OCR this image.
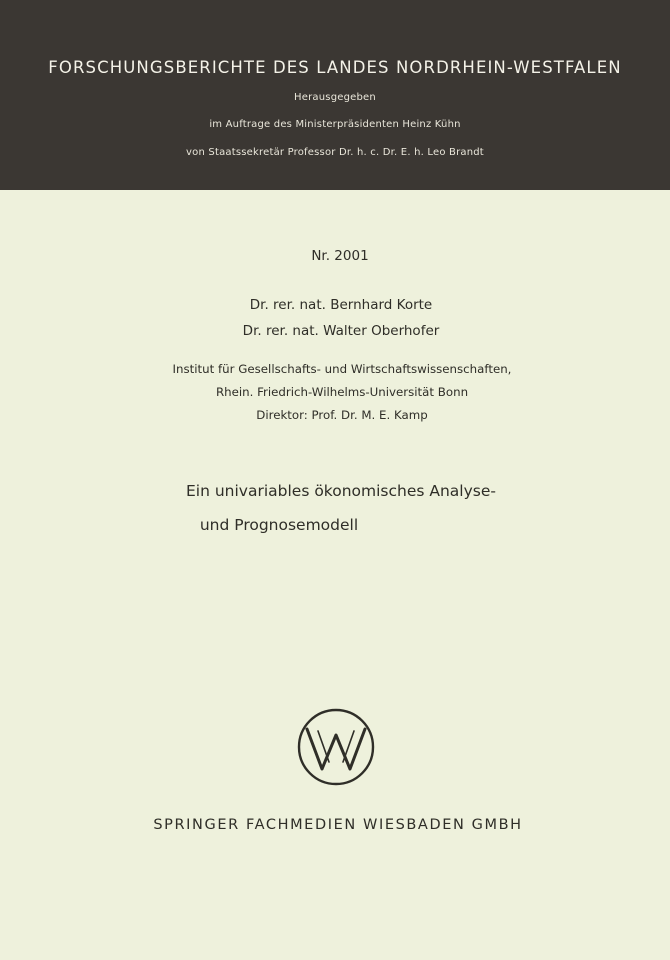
FORSCHUNGSBERICHTE DES LANDES NORDRHEIN-WESTFALEN
Herausgegeben
im Auftrage des Ministerpräsidenten Heinz Kühn
von Staatssekretär Professor Dr. h. c. Dr. E. h. Leo Brandt
Nr. 2001
Dr. rer. nat. Bernhard Korte
Dr. rer. nat. Walter Oberhofer
Institut für Gesellschafts- und Wirtschaftswissenschaften,
Rhein. Friedrich-Wilhelms-Universität Bonn
Direktor: Prof. Dr. M. E. Kamp
Ein univariables ökonomisches Analyse-
und Prognosemodell
SPRINGER FACHMEDIEN WIESBADEN GMBH
